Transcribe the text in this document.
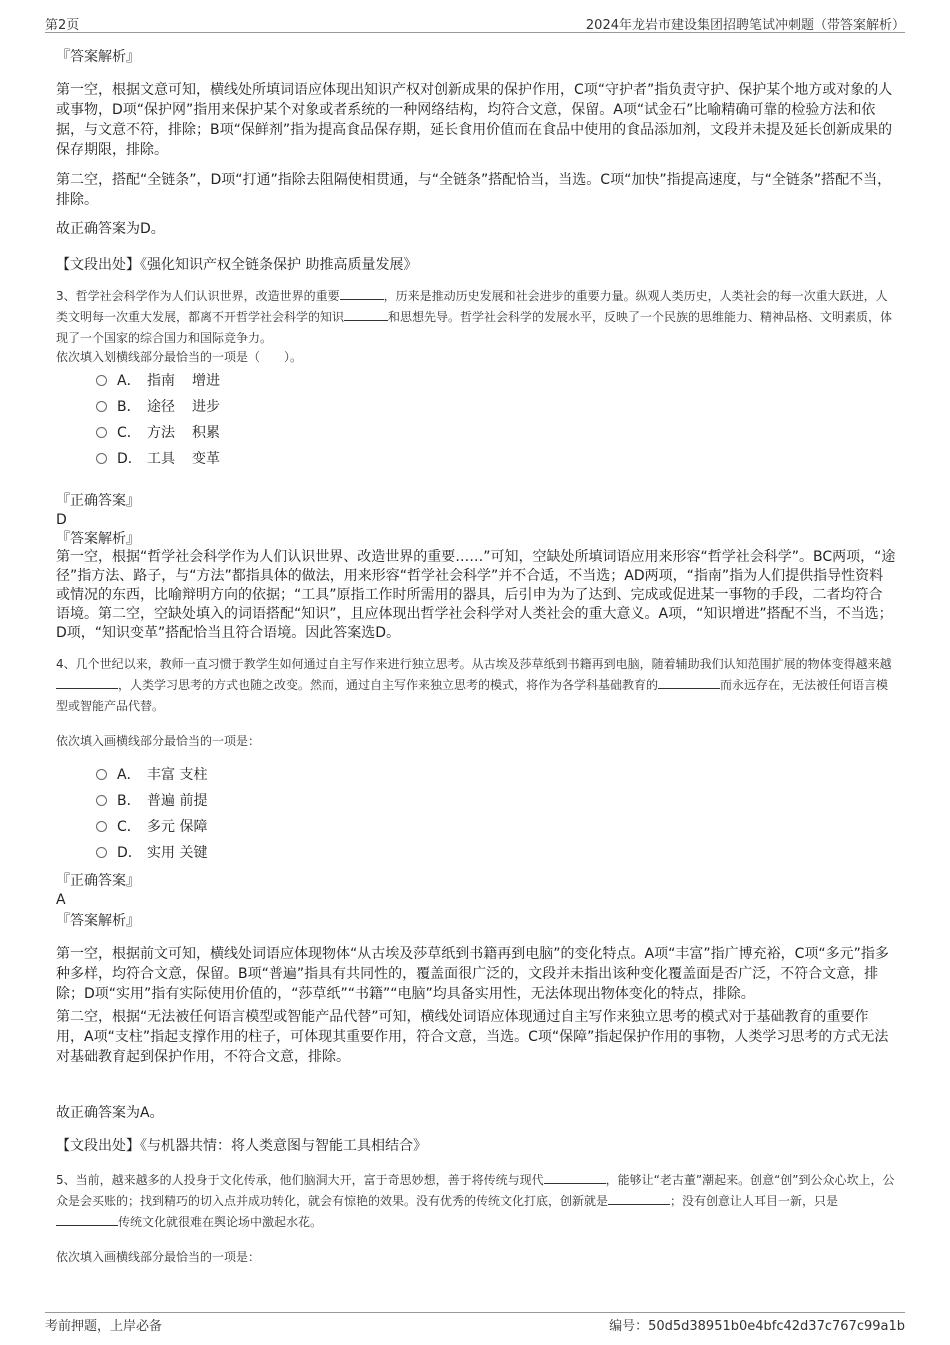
第2页	2024年龙岩市建设集团招聘笔试冲刺题（带答案解析）
『答案解析』
第一空，根据文意可知，横线处所填词语应体现出知识产权对创新成果的保护作用，C项“守护者”指负责守护、保护某个地方或对象的人或事物，D项“保护网”指用来保护某个对象或者系统的一种网络结构，均符合文意，保留。A项“试金石”比喻精确可靠的检验方法和依据，与文意不符，排除；B项“保鲜剂”指为提高食品保存期，延长食用价值而在食品中使用的食品添加剂，文段并未提及延长创新成果的保存期限，排除。
第二空，搭配“全链条”，D项“打通”指除去阻隔使相贯通，与“全链条”搭配恰当，当选。C项“加快”指提高速度，与“全链条”搭配不当，排除。
故正确答案为D。
【文段出处】《强化知识产权全链条保护 助推高质量发展》
3、哲学社会科学作为人们认识世界，改造世界的重要	，历来是推动历史发展和社会进步的重要力量。纵观人类历史，人类社会的每一次重大跃进，人类文明每一次重大发展，都离不开哲学社会科学的知识	和思想先导。哲学社会科学的发展水平，反映了一个民族的思维能力、精神品格、文明素质，体现了一个国家的综合国力和国际竞争力。
依次填入划横线部分最恰当的一项是（　　）。
A． 指南 增进
B． 途径 进步
C． 方法 积累
D． 工具 变革
『正确答案』
D
『答案解析』
第一空，根据“哲学社会科学作为人们认识世界、改造世界的重要……”可知，空缺处所填词语应用来形容“哲学社会科学”。BC两项，“途径”指方法、路子，与“方法”都指具体的做法，用来形容“哲学社会科学”并不合适，不当选；AD两项，“指南”指为人们提供指导性资料或情况的东西，比喻辩明方向的依据；“工具”原指工作时所需用的器具，后引申为为了达到、完成或促进某一事物的手段，二者均符合语境。第二空，空缺处填入的词语搭配“知识”，且应体现出哲学社会科学对人类社会的重大意义。A项，“知识增进”搭配不当，不当选；D项，“知识变革”搭配恰当且符合语境。因此答案选D。
4、几个世纪以来，教师一直习惯于教学生如何通过自主写作来进行独立思考。从古埃及莎草纸到书籍再到电脑，随着辅助我们认知范围扩展的物体变得越来越，人类学习思考的方式也随之改变。然而，通过自主写作来独立思考的模式，将作为各学科基础教育的	而永远存在，无法被任何语言模型或智能产品代替。
依次填入画横线部分最恰当的一项是：
A． 丰富 支柱
B． 普遍 前提
C． 多元 保障
D． 实用 关键
『正确答案』
A
『答案解析』
第一空，根据前文可知，横线处词语应体现物体“从古埃及莎草纸到书籍再到电脑”的变化特点。A项“丰富”指广博充裕，C项“多元”指多种多样，均符合文意，保留。B项“普遍”指具有共同性的，覆盖面很广泛的，文段并未指出该种变化覆盖面是否广泛，不符合文意，排除；D项“实用”指有实际使用价值的，“莎草纸”“书籍”“电脑”均具备实用性，无法体现出物体变化的特点，排除。
第二空，根据“无法被任何语言模型或智能产品代替”可知，横线处词语应体现通过自主写作来独立思考的模式对于基础教育的重要作用，A项“支柱”指起支撑作用的柱子，可体现其重要作用，符合文意，当选。C项“保障”指起保护作用的事物，人类学习思考的方式无法对基础教育起到保护作用，不符合文意，排除。
故正确答案为A。
【文段出处】《与机器共情：将人类意图与智能工具相结合》
5、当前，越来越多的人投身于文化传承，他们脑洞大开，富于奇思妙想，善于将传统与现代	，能够让“老古董”潮起来。创意“创”到公众心坎上，公众是会买账的；找到精巧的切入点并成功转化，就会有惊艳的效果。没有优秀的传统文化打底，创新就是	；没有创意让人耳目一新，只是传统文化就很难在舆论场中激起水花。
依次填入画横线部分最恰当的一项是：
考前押题，上岸必备	编号：50d5d38951b0e4bfc42d37c767c99a1b
